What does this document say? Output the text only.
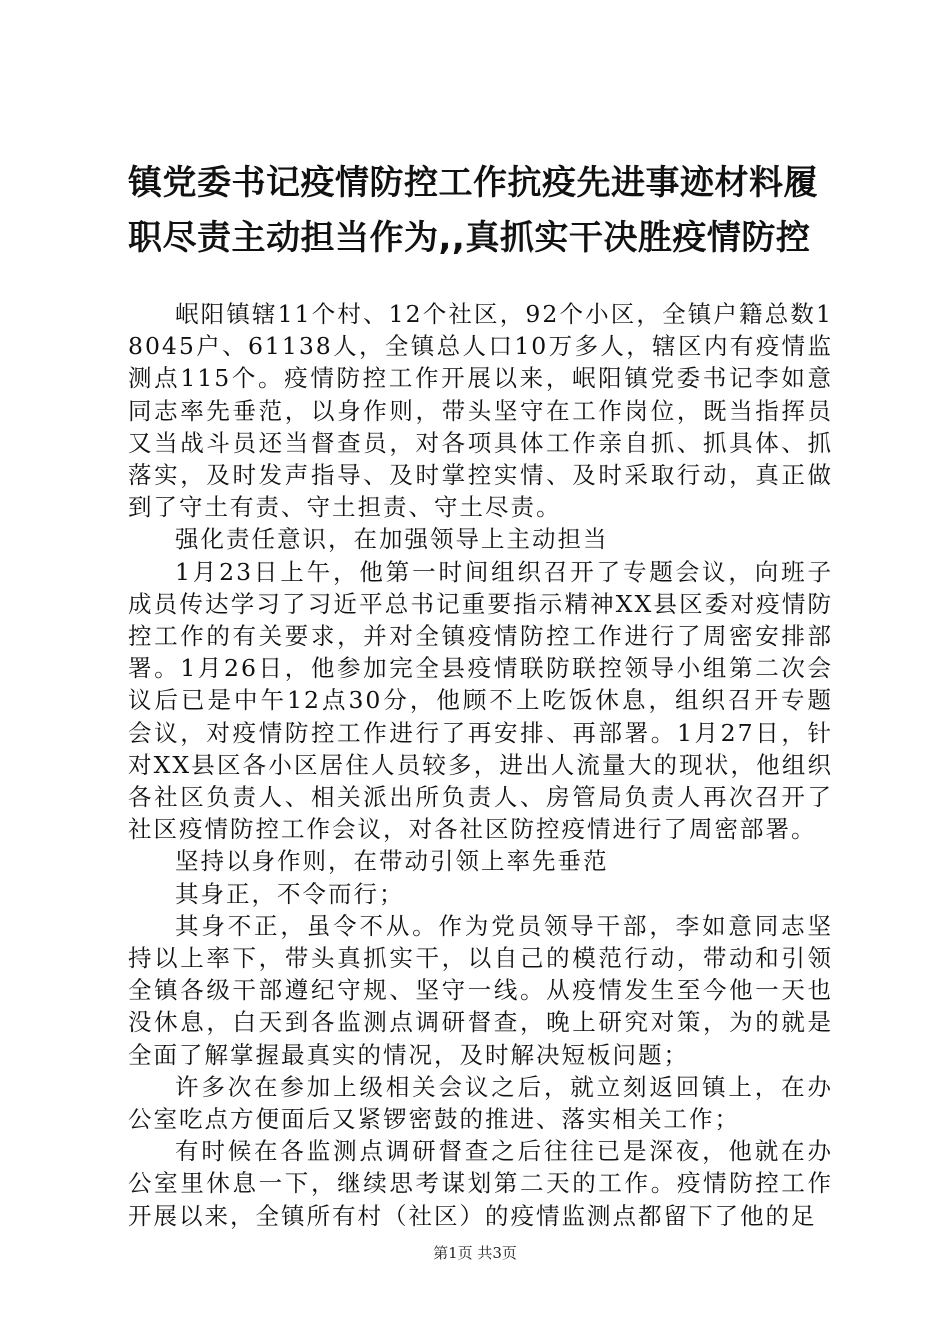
镇党委书记疫情防控工作抗疫先进事迹材料履职尽责主动担当作为,,真抓实干决胜疫情防控

岷阳镇辖11个村、12个社区，92个小区，全镇户籍总数18045户、61138人，全镇总人口10万多人，辖区内有疫情监测点115个。疫情防控工作开展以来，岷阳镇党委书记李如意同志率先垂范，以身作则，带头坚守在工作岗位，既当指挥员又当战斗员还当督查员，对各项具体工作亲自抓、抓具体、抓落实，及时发声指导、及时掌控实情、及时采取行动，真正做到了守土有责、守土担责、守土尽责。

强化责任意识，在加强领导上主动担当

1月23日上午，他第一时间组织召开了专题会议，向班子成员传达学习了习近平总书记重要指示精神XX县区委对疫情防控工作的有关要求，并对全镇疫情防控工作进行了周密安排部署。1月26日，他参加完全县疫情联防联控领导小组第二次会议后已是中午12点30分，他顾不上吃饭休息，组织召开专题会议，对疫情防控工作进行了再安排、再部署。1月27日，针对XX县区各小区居住人员较多，进出人流量大的现状，他组织各社区负责人、相关派出所负责人、房管局负责人再次召开了社区疫情防控工作会议，对各社区防控疫情进行了周密部署。

坚持以身作则，在带动引领上率先垂范

其身正，不令而行；

其身不正，虽令不从。作为党员领导干部，李如意同志坚持以上率下，带头真抓实干，以自己的模范行动，带动和引领全镇各级干部遵纪守规、坚守一线。从疫情发生至今他一天也没休息，白天到各监测点调研督查，晚上研究对策，为的就是全面了解掌握最真实的情况，及时解决短板问题；

许多次在参加上级相关会议之后，就立刻返回镇上，在办公室吃点方便面后又紧锣密鼓的推进、落实相关工作；

有时候在各监测点调研督查之后往往已是深夜，他就在办公室里休息一下，继续思考谋划第二天的工作。疫情防控工作开展以来，全镇所有村（社区）的疫情监测点都留下了他的足

第1页 共3页
